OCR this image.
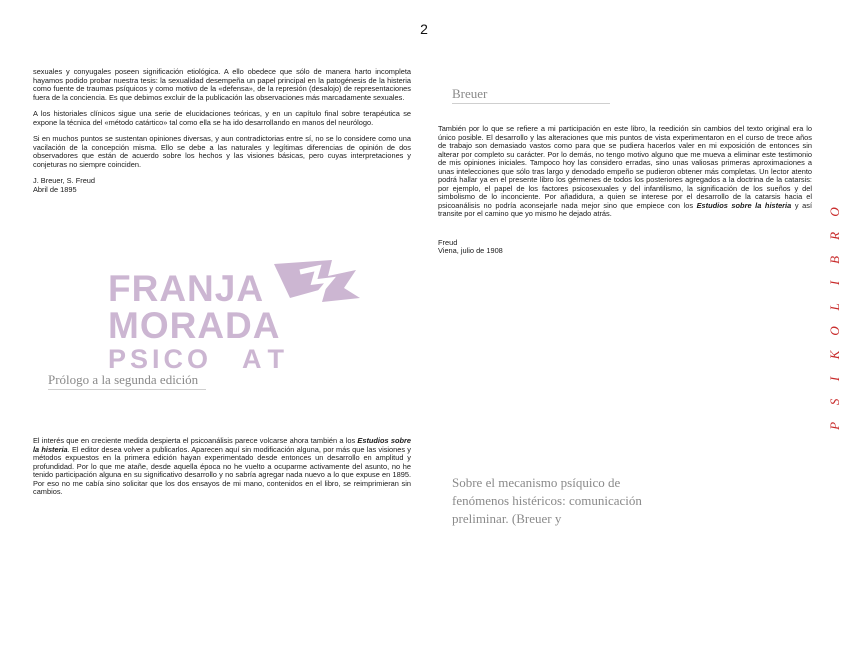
2

sexuales y conyugales poseen significación etiológica. A ello obedece que sólo de manera harto incompleta hayamos podido probar nuestra tesis: la sexualidad desempeña un papel principal en la patogénesis de la histeria como fuente de traumas psíquicos y como motivo de la «defensa», de la represión (desalojo) de representaciones fuera de la conciencia. Es que debimos excluir de la publicación las observaciones más marcadamente sexuales.

A los historiales clínicos sigue una serie de elucidaciones teóricas, y en un capítulo final sobre terapéutica se expone la técnica del «método catártico» tal como ella se ha ido desarrollando en manos del neurólogo.

Si en muchos puntos se sustentan opiniones diversas, y aun contradictorias entre sí, no se lo considere como una vacilación de la concepción misma. Ello se debe a las naturales y legítimas diferencias de opinión de dos observadores que están de acuerdo sobre los hechos y las visiones básicas, pero cuyas interpretaciones y conjeturas no siempre coinciden.

J. Breuer, S. Freud
Abril de 1895
FRANJA
MORADA
PSICO AT
Prólogo a la segunda edición

El interés que en creciente medida despierta el psicoanálisis parece volcarse ahora también a los Estudios sobre la histeria. El editor desea volver a publicarlos. Aparecen aquí sin modificación alguna, por más que las visiones y métodos expuestos en la primera edición hayan experimentado desde entonces un desarrollo en amplitud y profundidad. Por lo que me atañe, desde aquella época no he vuelto a ocuparme activamente del asunto, no he tenido participación alguna en su significativo desarrollo y no sabría agregar nada nuevo a lo que expuse en 1895. Por eso no me cabía sino solicitar que los dos ensayos de mi mano, contenidos en el libro, se reimprimieran sin cambios.

Breuer

También por lo que se refiere a mi participación en este libro, la reedición sin cambios del texto original era lo único posible. El desarrollo y las alteraciones que mis puntos de vista experimentaron en el curso de trece años de trabajo son demasiado vastos como para que se pudiera hacerlos valer en mi exposición de entonces sin alterar por completo su carácter. Por lo demás, no tengo motivo alguno que me mueva a eliminar este testimonio de mis opiniones iniciales. Tampoco hoy las considero erradas, sino unas valiosas primeras aproximaciones a unas intelecciones que sólo tras largo y denodado empeño se pudieron obtener más completas. Un lector atento podrá hallar ya en el presente libro los gérmenes de todos los posteriores agregados a la doctrina de la catarsis: por ejemplo, el papel de los factores psicosexuales y del infantilismo, la significación de los sueños y del simbolismo de lo inconciente. Por añadidura, a quien se interese por el desarrollo de la catarsis hacia el psicoanálisis no podría aconsejarle nada mejor sino que empiece con los Estudios sobre la histeria y así transite por el camino que yo mismo he dejado atrás.

Freud
Viena, julio de 1908
Sobre el mecanismo psíquico de fenómenos histéricos: comunicación preliminar. (Breuer y
O
R
B
I
L
O
K
I
S
P
